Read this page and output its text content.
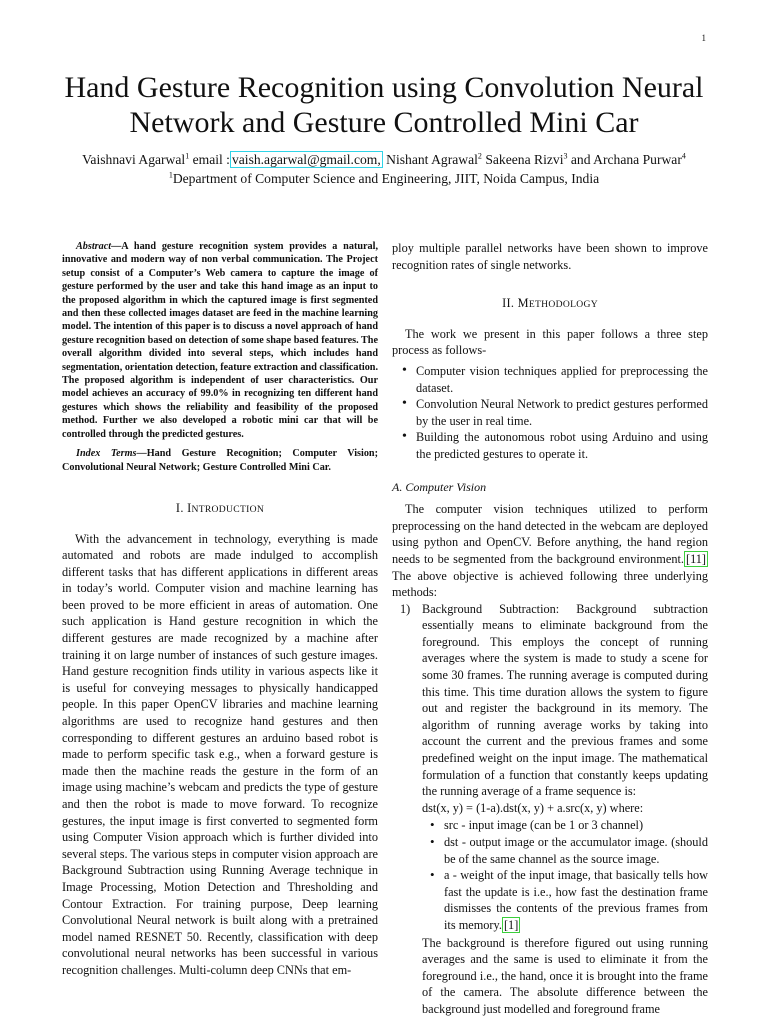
1
Hand Gesture Recognition using Convolution Neural Network and Gesture Controlled Mini Car
Vaishnavi Agarwal$^1$ email : vaish.agarwal@gmail.com, Nishant Agrawal$^2$ Sakeena Rizvi$^3$ and Archana Purwar$^4$
$^1$Department of Computer Science and Engineering, JIIT, Noida Campus, India

Abstract—A hand gesture recognition system provides a natural, innovative and modern way of non verbal communication. The Project setup consist of a Computer’s Web camera to capture the image of gesture performed by the user and take this hand image as an input to the proposed algorithm in which the captured image is first segmented and then these collected images dataset are feed in the machine learning model. The intention of this paper is to discuss a novel approach of hand gesture recognition based on detection of some shape based features. The overall algorithm divided into several steps, which includes hand segmentation, orientation detection, feature extraction and classification. The proposed algorithm is independent of user characteristics. Our model achieves an accuracy of 99.0% in recognizing ten different hand gestures which shows the reliability and feasibility of the proposed method. Further we also developed a robotic mini car that will be controlled through the predicted gestures.

Index Terms—Hand Gesture Recognition; Computer Vision; Convolutional Neural Network; Gesture Controlled Mini Car.

I. INTRODUCTION

With the advancement in technology, everything is made automated and robots are made indulged to accomplish different tasks that has different applications in different areas in today’s world. Computer vision and machine learning has been proved to be more efficient in areas of automation. One such application is Hand gesture recognition in which the different gestures are made recognized by a machine after training it on large number of instances of such gesture images. Hand gesture recognition finds utility in various aspects like it is useful for conveying messages to physically handicapped people. In this paper OpenCV libraries and machine learning algorithms are used to recognize hand gestures and then corresponding to different gestures an arduino based robot is made to perform specific task e.g., when a forward gesture is made then the machine reads the gesture in the form of an image using machine’s webcam and predicts the type of gesture and then the robot is made to move forward. To recognize gestures, the input image is first converted to segmented form using Computer Vision approach which is further divided into several steps. The various steps in computer vision approach are Background Subtraction using Running Average technique in Image Processing, Motion Detection and Thresholding and Contour Extraction. For training purpose, Deep learning Convolutional Neural network is built along with a pretrained model named RESNET 50. Recently, classification with deep convolutional neural networks has been successful in various recognition challenges. Multi-column deep CNNs that em-

ploy multiple parallel networks have been shown to improve recognition rates of single networks.

II. METHODOLOGY

The work we present in this paper follows a three step process as follows-

• Computer vision techniques applied for preprocessing the dataset.
• Convolution Neural Network to predict gestures performed by the user in real time.
• Building the autonomous robot using Arduino and using the predicted gestures to operate it.
A. Computer Vision

The computer vision techniques utilized to perform preprocessing on the hand detected in the webcam are deployed using python and OpenCV. Before anything, the hand region needs to be segmented from the background environment. [11] The above objective is achieved following three underlying methods:

1) Background Subtraction: Background subtraction essentially means to eliminate background from the foreground. This employs the concept of running averages where the system is made to study a scene for some 30 frames. The running average is computed during this time. This time duration allows the system to figure out and register the background in its memory. The algorithm of running average works by taking into account the current and the previous frames and some predefined weight on the input image. The mathematical formulation of a function that constantly keeps updating the running average of a frame sequence is:
dst(x, y) = (1-a).dst(x, y) + a.src(x, y) where:
• src - input image (can be 1 or 3 channel)
• dst - output image or the accumulator image. (should be of the same channel as the source image.
• a - weight of the input image, that basically tells how fast the update is i.e., how fast the destination frame dismisses the contents of the previous frames from its memory. [1]
The background is therefore figured out using running averages and the same is used to eliminate it from the foreground i.e., the hand, once it is brought into the frame of the camera. The absolute difference between the background just modelled and foreground frame
